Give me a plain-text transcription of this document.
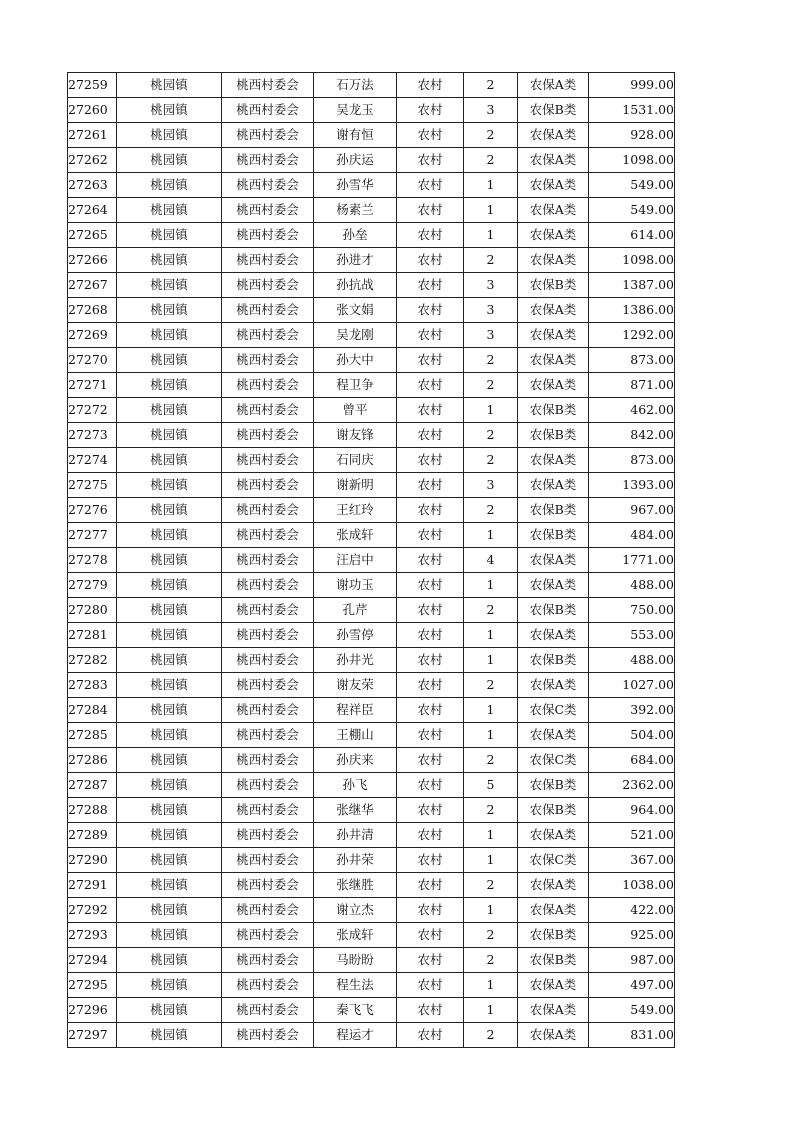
27259	桃园镇	桃西村委会	石万法	农村	2	农保A类	999.00
27260	桃园镇	桃西村委会	吴龙玉	农村	3	农保B类	1531.00
27261	桃园镇	桃西村委会	谢有恒	农村	2	农保A类	928.00
27262	桃园镇	桃西村委会	孙庆运	农村	2	农保A类	1098.00
27263	桃园镇	桃西村委会	孙雪华	农村	1	农保A类	549.00
27264	桃园镇	桃西村委会	杨素兰	农村	1	农保A类	549.00
27265	桃园镇	桃西村委会	孙垒	农村	1	农保A类	614.00
27266	桃园镇	桃西村委会	孙进才	农村	2	农保A类	1098.00
27267	桃园镇	桃西村委会	孙抗战	农村	3	农保B类	1387.00
27268	桃园镇	桃西村委会	张文娟	农村	3	农保A类	1386.00
27269	桃园镇	桃西村委会	吴龙刚	农村	3	农保A类	1292.00
27270	桃园镇	桃西村委会	孙大中	农村	2	农保A类	873.00
27271	桃园镇	桃西村委会	程卫争	农村	2	农保A类	871.00
27272	桃园镇	桃西村委会	曾平	农村	1	农保B类	462.00
27273	桃园镇	桃西村委会	谢友锋	农村	2	农保B类	842.00
27274	桃园镇	桃西村委会	石同庆	农村	2	农保A类	873.00
27275	桃园镇	桃西村委会	谢新明	农村	3	农保A类	1393.00
27276	桃园镇	桃西村委会	王红玲	农村	2	农保B类	967.00
27277	桃园镇	桃西村委会	张成轩	农村	1	农保B类	484.00
27278	桃园镇	桃西村委会	汪启中	农村	4	农保A类	1771.00
27279	桃园镇	桃西村委会	谢功玉	农村	1	农保A类	488.00
27280	桃园镇	桃西村委会	孔芹	农村	2	农保B类	750.00
27281	桃园镇	桃西村委会	孙雪停	农村	1	农保A类	553.00
27282	桃园镇	桃西村委会	孙井光	农村	1	农保B类	488.00
27283	桃园镇	桃西村委会	谢友荣	农村	2	农保A类	1027.00
27284	桃园镇	桃西村委会	程祥臣	农村	1	农保C类	392.00
27285	桃园镇	桃西村委会	王棚山	农村	1	农保A类	504.00
27286	桃园镇	桃西村委会	孙庆来	农村	2	农保C类	684.00
27287	桃园镇	桃西村委会	孙飞	农村	5	农保B类	2362.00
27288	桃园镇	桃西村委会	张继华	农村	2	农保B类	964.00
27289	桃园镇	桃西村委会	孙井清	农村	1	农保A类	521.00
27290	桃园镇	桃西村委会	孙井荣	农村	1	农保C类	367.00
27291	桃园镇	桃西村委会	张继胜	农村	2	农保A类	1038.00
27292	桃园镇	桃西村委会	谢立杰	农村	1	农保A类	422.00
27293	桃园镇	桃西村委会	张成轩	农村	2	农保B类	925.00
27294	桃园镇	桃西村委会	马盼盼	农村	2	农保B类	987.00
27295	桃园镇	桃西村委会	程生法	农村	1	农保A类	497.00
27296	桃园镇	桃西村委会	秦飞飞	农村	1	农保A类	549.00
27297	桃园镇	桃西村委会	程运才	农村	2	农保A类	831.00
